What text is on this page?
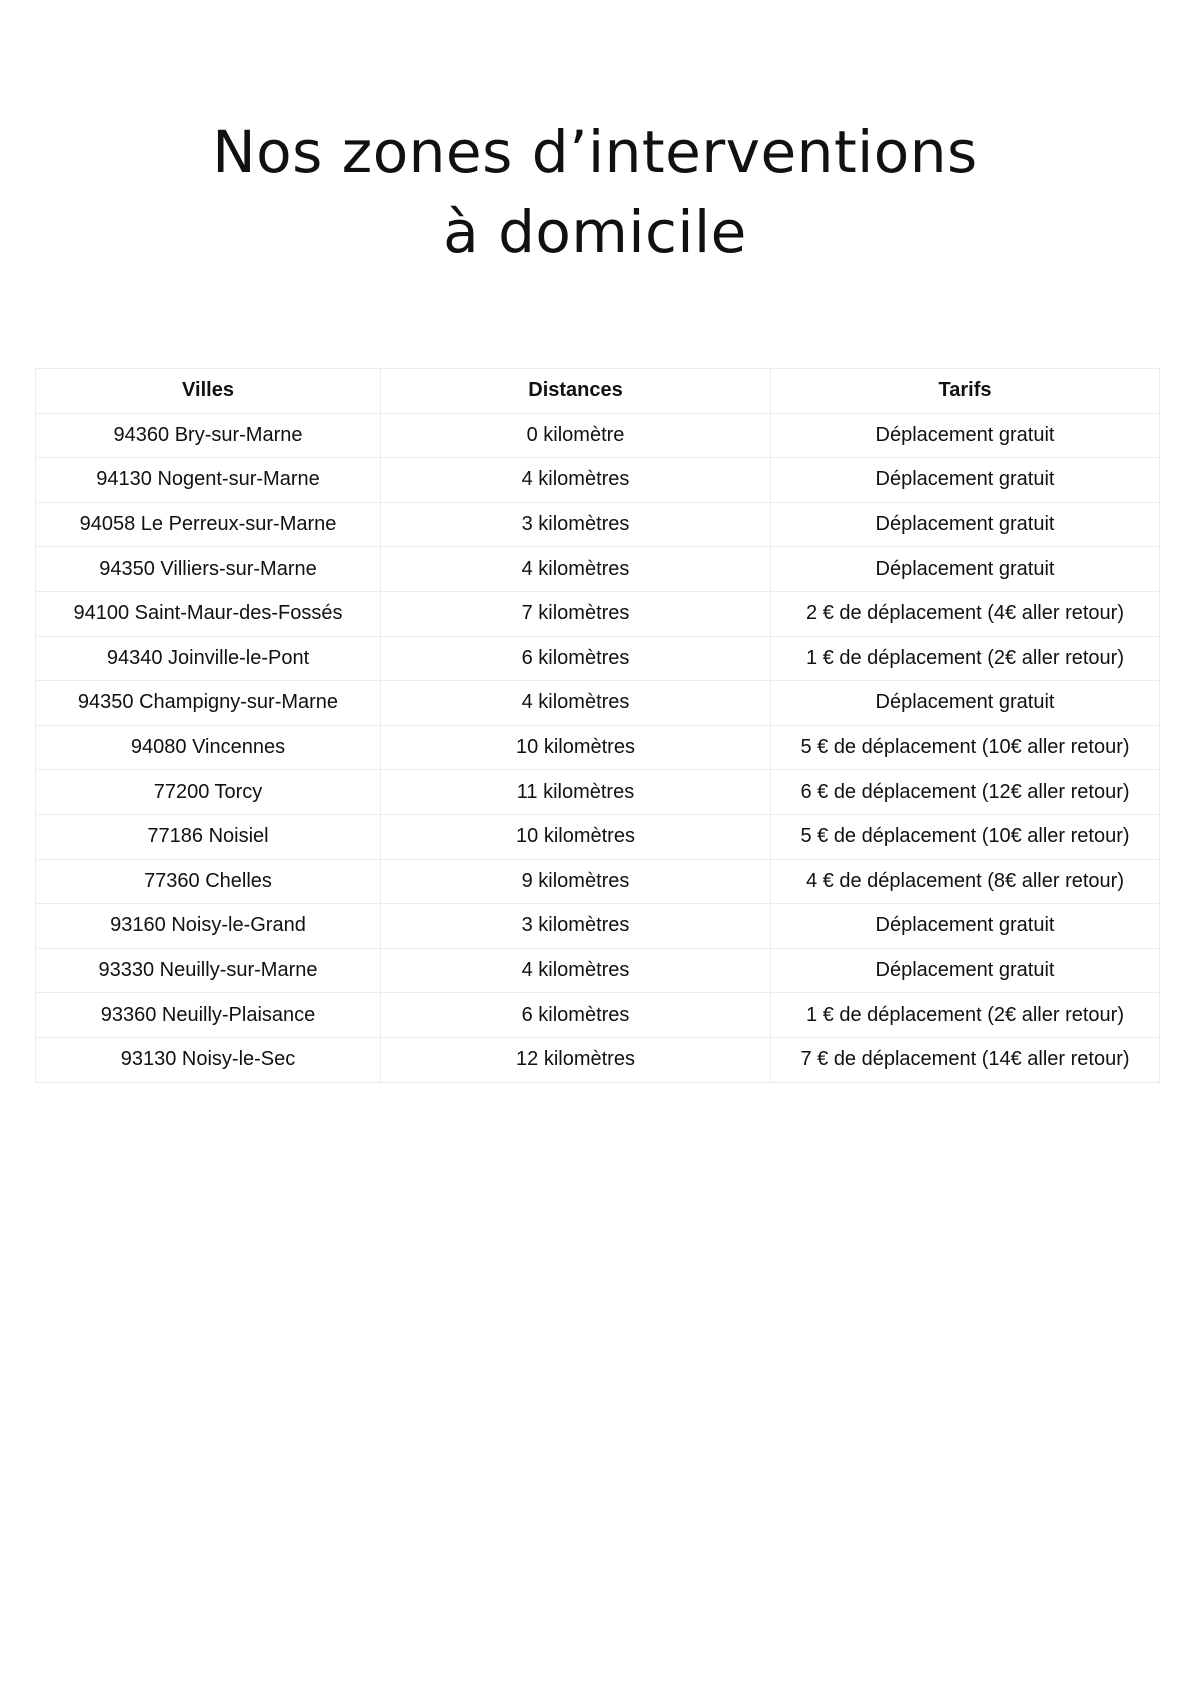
Nos zones d’interventions
à domicile
Villes	Distances	Tarifs
94360 Bry-sur-Marne	0 kilomètre	Déplacement gratuit
94130 Nogent-sur-Marne	4 kilomètres	Déplacement gratuit
94058 Le Perreux-sur-Marne	3 kilomètres	Déplacement gratuit
94350 Villiers-sur-Marne	4 kilomètres	Déplacement gratuit
94100 Saint-Maur-des-Fossés	7 kilomètres	2 € de déplacement (4€ aller retour)
94340 Joinville-le-Pont	6 kilomètres	1 € de déplacement (2€ aller retour)
94350 Champigny-sur-Marne	4 kilomètres	Déplacement gratuit
94080 Vincennes	10 kilomètres	5 € de déplacement (10€ aller retour)
77200 Torcy	11 kilomètres	6 € de déplacement (12€ aller retour)
77186 Noisiel	10 kilomètres	5 € de déplacement (10€ aller retour)
77360 Chelles	9 kilomètres	4 € de déplacement (8€ aller retour)
93160 Noisy-le-Grand	3 kilomètres	Déplacement gratuit
93330 Neuilly-sur-Marne	4 kilomètres	Déplacement gratuit
93360 Neuilly-Plaisance	6 kilomètres	1 € de déplacement (2€ aller retour)
93130 Noisy-le-Sec	12 kilomètres	7 € de déplacement (14€ aller retour)
